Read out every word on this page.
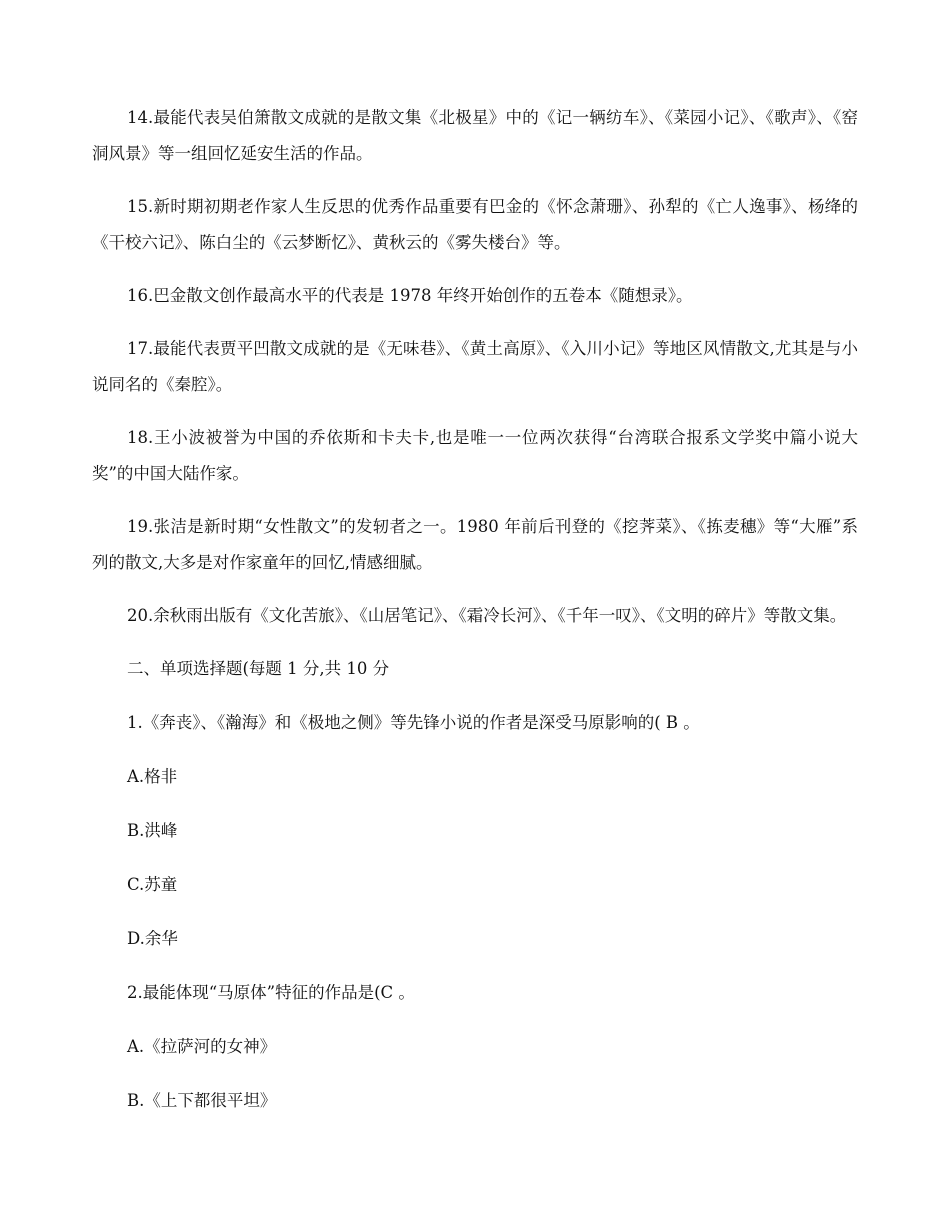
14.最能代表吴伯箫散文成就的是散文集《北极星》中的《记一辆纺车》、《菜园小记》、《歌声》、《窑洞风景》等一组回忆延安生活的作品。

15.新时期初期老作家人生反思的优秀作品重要有巴金的《怀念萧珊》、孙犁的《亡人逸事》、杨绛的《干校六记》、陈白尘的《云梦断忆》、黄秋云的《雾失楼台》等。

16.巴金散文创作最高水平的代表是 1978 年终开始创作的五卷本《随想录》。

17.最能代表贾平凹散文成就的是《无味巷》、《黄土高原》、《入川小记》等地区风情散文,尤其是与小说同名的《秦腔》。

18.王小波被誉为中国的乔依斯和卡夫卡,也是唯一一位两次获得“台湾联合报系文学奖中篇小说大奖”的中国大陆作家。

19.张洁是新时期“女性散文”的发轫者之一。1980 年前后刊登的《挖荠菜》、《拣麦穗》等“大雁”系列的散文,大多是对作家童年的回忆,情感细腻。

20.余秋雨出版有《文化苦旅》、《山居笔记》、《霜冷长河》、《千年一叹》、《文明的碎片》等散文集。

二、单项选择题(每题 1 分,共 10 分

1.《奔丧》、《瀚海》和《极地之侧》等先锋小说的作者是深受马原影响的( B 。

A.格非

B.洪峰

C.苏童

D.余华

2.最能体现“马原体”特征的作品是(C 。

A.《拉萨河的女神》

B.《上下都很平坦》
